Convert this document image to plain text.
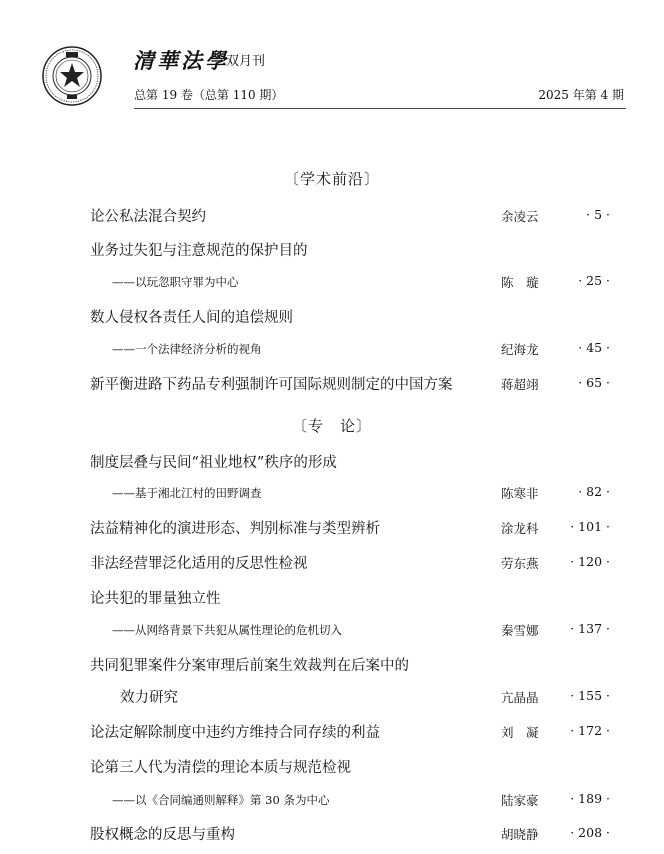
清華法學
双月刊
总第 19 卷（总第 110 期）	2025 年第 4 期
〔学术前沿〕
论公私法混合契约	余凌云	· 5 ·
业务过失犯与注意规范的保护目的
——以玩忽职守罪为中心	陈　璇	· 25 ·
数人侵权各责任人间的追偿规则
——一个法律经济分析的视角	纪海龙	· 45 ·
新平衡进路下药品专利强制许可国际规则制定的中国方案	蒋超翊	· 65 ·
〔专　论〕
制度层叠与民间“祖业地权”秩序的形成
——基于湘北江村的田野调查	陈寒非	· 82 ·
法益精神化的演进形态、判别标准与类型辨析	涂龙科	· 101 ·
非法经营罪泛化适用的反思性检视	劳东燕	· 120 ·
论共犯的罪量独立性
——从网络背景下共犯从属性理论的危机切入	秦雪娜	· 137 ·
共同犯罪案件分案审理后前案生效裁判在后案中的
效力研究	亢晶晶	· 155 ·
论法定解除制度中违约方维持合同存续的利益	刘　凝	· 172 ·
论第三人代为清偿的理论本质与规范检视
——以《合同编通则解释》第 30 条为中心	陆家豪	· 189 ·
股权概念的反思与重构	胡晓静	· 208 ·
